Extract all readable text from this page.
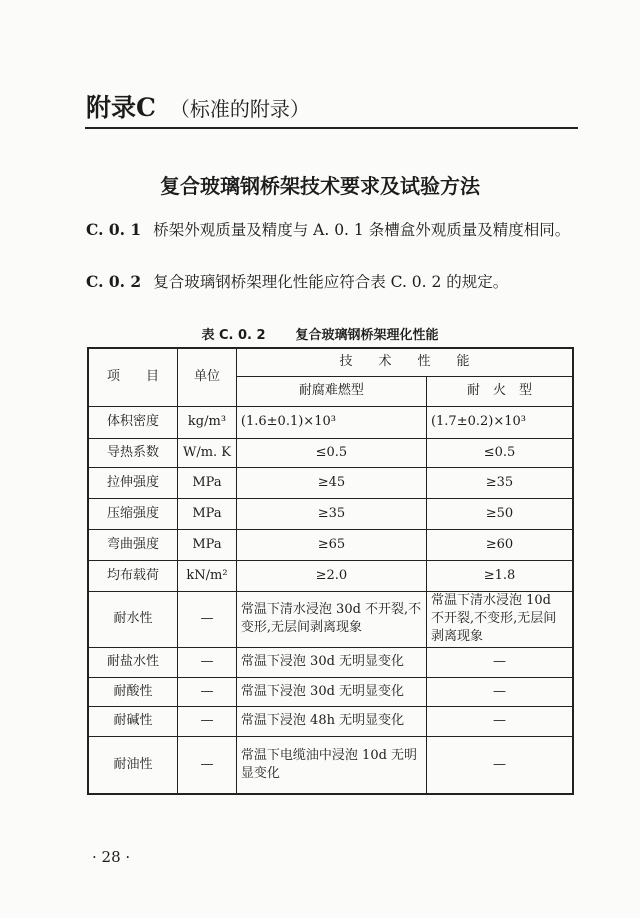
附录C （标准的附录）
复合玻璃钢桥架技术要求及试验方法
C. 0. 1 桥架外观质量及精度与 A. 0. 1 条槽盒外观质量及精度相同。
C. 0. 2 复合玻璃钢桥架理化性能应符合表 C. 0. 2 的规定。
表 C. 0. 2 复合玻璃钢桥架理化性能
项　　目	单位	技　　术　　性　　能	
		耐腐难燃型	耐　火　型
体积密度	kg/m³	(1.6±0.1)×10³	(1.7±0.2)×10³
导热系数	W/m. K	≤0.5	≤0.5
拉伸强度	MPa	≥45	≥35
压缩强度	MPa	≥35	≥50
弯曲强度	MPa	≥65	≥60
均布载荷	kN/m²	≥2.0	≥1.8
耐水性	—	常温下清水浸泡 30d 不开裂,不变形,无层间剥离现象	常温下清水浸泡 10d 不开裂,不变形,无层间剥离现象
耐盐水性	—	常温下浸泡 30d 无明显变化	—
耐酸性	—	常温下浸泡 30d 无明显变化	—
耐碱性	—	常温下浸泡 48h 无明显变化	—
耐油性	—	常温下电缆油中浸泡 10d 无明显变化	—
· 28 ·
